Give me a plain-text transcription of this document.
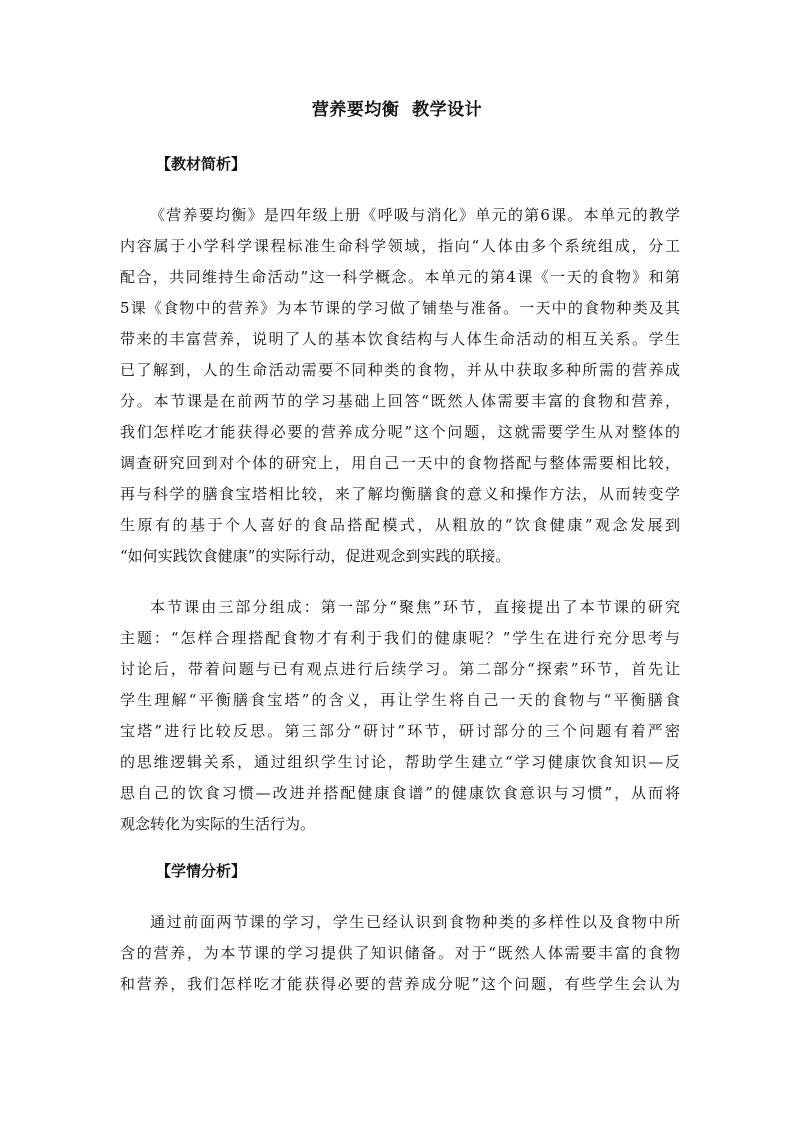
营养要均衡  教学设计
【教材简析】
《营养要均衡》是四年级上册《呼吸与消化》单元的第6课。本单元的教学
内容属于小学科学课程标准生命科学领域，指向“人体由多个系统组成，分工
配合，共同维持生命活动”这一科学概念。本单元的第4课《一天的食物》和第
5课《食物中的营养》为本节课的学习做了铺垫与准备。一天中的食物种类及其
带来的丰富营养，说明了人的基本饮食结构与人体生命活动的相互关系。学生
已了解到，人的生命活动需要不同种类的食物，并从中获取多种所需的营养成
分。本节课是在前两节的学习基础上回答“既然人体需要丰富的食物和营养，
我们怎样吃才能获得必要的营养成分呢”这个问题，这就需要学生从对整体的
调查研究回到对个体的研究上，用自己一天中的食物搭配与整体需要相比较，
再与科学的膳食宝塔相比较，来了解均衡膳食的意义和操作方法，从而转变学
生原有的基于个人喜好的食品搭配模式，从粗放的“饮食健康”观念发展到
“如何实践饮食健康”的实际行动，促进观念到实践的联接。
本节课由三部分组成：第一部分“聚焦”环节，直接提出了本节课的研究
主题：“怎样合理搭配食物才有利于我们的健康呢？”学生在进行充分思考与
讨论后，带着问题与已有观点进行后续学习。第二部分“探索”环节，首先让
学生理解“平衡膳食宝塔”的含义，再让学生将自己一天的食物与“平衡膳食
宝塔”进行比较反思。第三部分“研讨”环节，研讨部分的三个问题有着严密
的思维逻辑关系，通过组织学生讨论，帮助学生建立“学习健康饮食知识—反
思自己的饮食习惯—改进并搭配健康食谱”的健康饮食意识与习惯”，从而将
观念转化为实际的生活行为。
【学情分析】
通过前面两节课的学习，学生已经认识到食物种类的多样性以及食物中所
含的营养，为本节课的学习提供了知识储备。对于“既然人体需要丰富的食物
和营养，我们怎样吃才能获得必要的营养成分呢”这个问题，有些学生会认为
